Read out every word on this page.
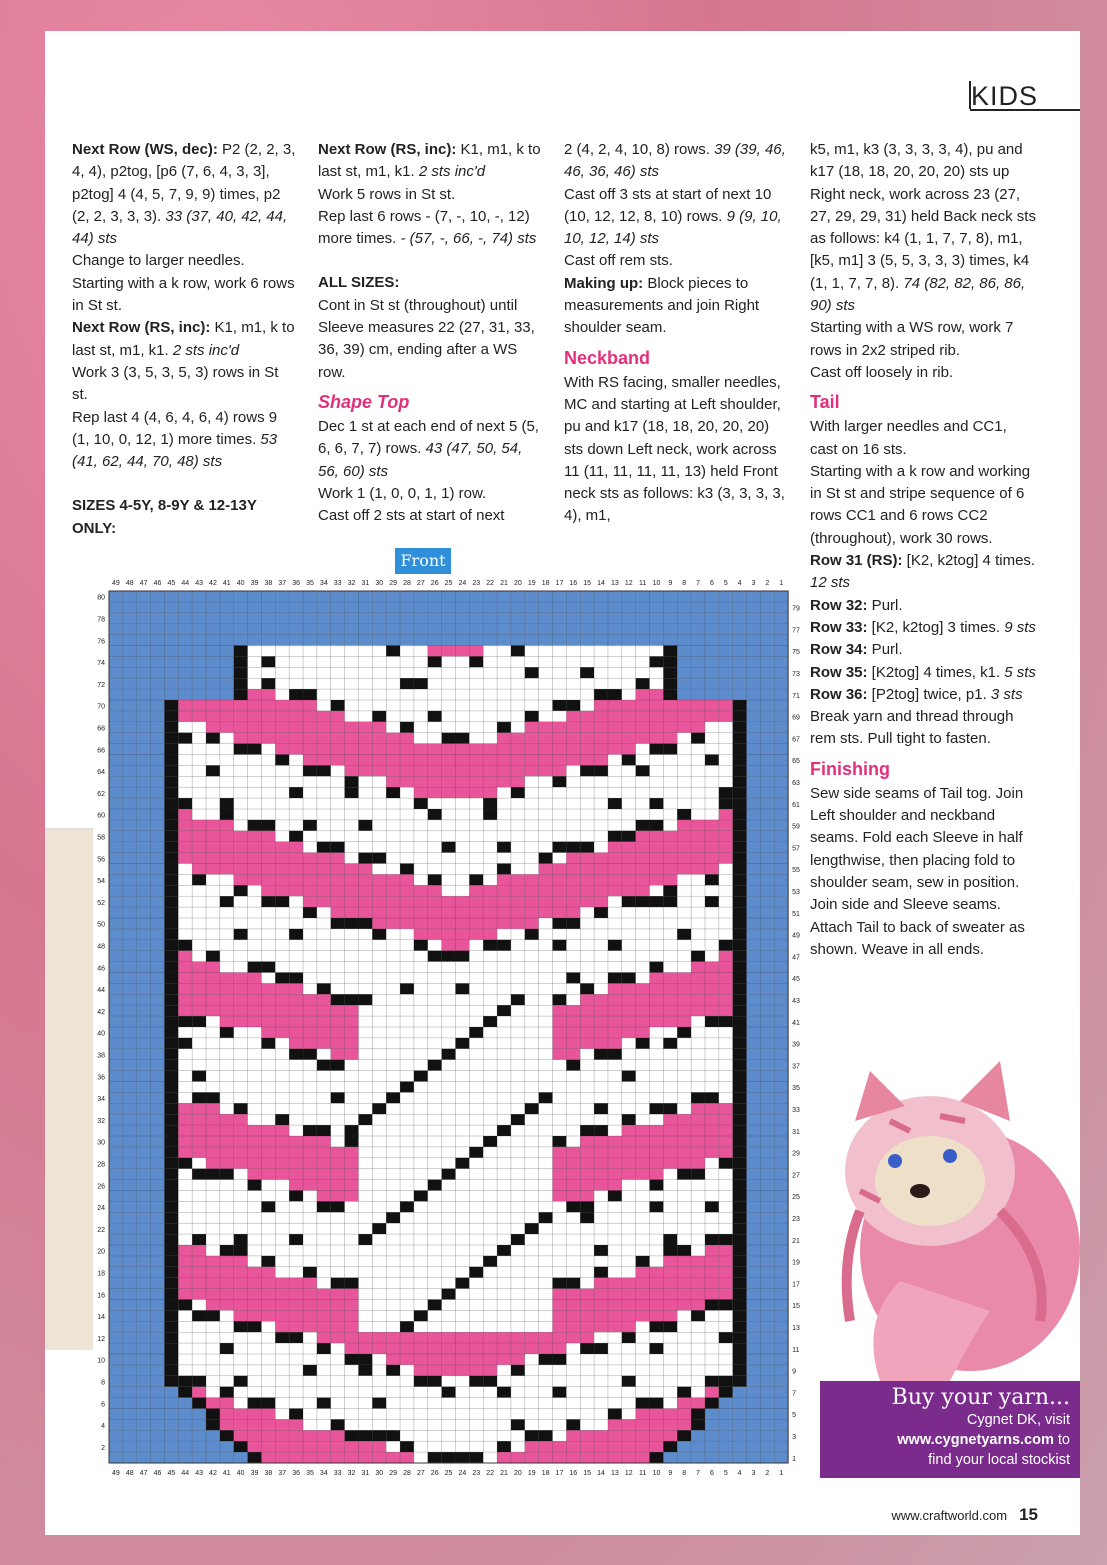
KIDS

Next Row (WS, dec): P2 (2, 2, 3, 4, 4), p2tog, [p6 (7, 6, 4, 3, 3], p2tog] 4 (4, 5, 7, 9, 9) times, p2 (2, 2, 3, 3, 3). 33 (37, 40, 42, 44, 44) sts

Change to larger needles.

Starting with a k row, work 6 rows in St st.

Next Row (RS, inc): K1, m1, k to last st, m1, k1. 2 sts inc'd

Work 3 (3, 5, 3, 5, 3) rows in St st.

Rep last 4 (4, 6, 4, 6, 4) rows 9 (1, 10, 0, 12, 1) more times. 53 (41, 62, 44, 70, 48) sts

SIZES 4-5Y, 8-9Y & 12-13Y ONLY:

Next Row (RS, inc): K1, m1, k to last st, m1, k1. 2 sts inc'd

Work 5 rows in St st.

Rep last 6 rows - (7, -, 10, -, 12) more times. - (57, -, 66, -, 74) sts

ALL SIZES:

Cont in St st (throughout) until Sleeve measures 22 (27, 31, 33, 36, 39) cm, ending after a WS row.

Shape Top

Dec 1 st at each end of next 5 (5, 6, 6, 7, 7) rows. 43 (47, 50, 54, 56, 60) sts

Work 1 (1, 0, 0, 1, 1) row.

Cast off 2 sts at start of next

2 (4, 2, 4, 10, 8) rows. 39 (39, 46, 46, 36, 46) sts

Cast off 3 sts at start of next 10 (10, 12, 12, 8, 10) rows. 9 (9, 10, 10, 12, 14) sts

Cast off rem sts.

Making up: Block pieces to measurements and join Right shoulder seam.

Neckband

With RS facing, smaller needles, MC and starting at Left shoulder, pu and k17 (18, 18, 20, 20, 20) sts down Left neck, work across 11 (11, 11, 11, 11, 13) held Front neck sts as follows: k3 (3, 3, 3, 3, 4), m1,

k5, m1, k3 (3, 3, 3, 3, 4), pu and k17 (18, 18, 20, 20, 20) sts up Right neck, work across 23 (27, 27, 29, 29, 31) held Back neck sts as follows: k4 (1, 1, 7, 7, 8), m1, [k5, m1] 3 (5, 5, 3, 3, 3) times, k4 (1, 1, 7, 7, 8). 74 (82, 82, 86, 86, 90) sts

Starting with a WS row, work 7 rows in 2x2 striped rib.

Cast off loosely in rib.

Tail

With larger needles and CC1, cast on 16 sts.

Starting with a k row and working in St st and stripe sequence of 6 rows CC1 and 6 rows CC2 (throughout), work 30 rows.

Row 31 (RS): [K2, k2tog] 4 times. 12 sts

Row 32: Purl.

Row 33: [K2, k2tog] 3 times. 9 sts

Row 34: Purl.

Row 35: [K2tog] 4 times, k1. 5 sts

Row 36: [P2tog] twice, p1. 3 sts

Break yarn and thread through rem sts. Pull tight to fasten.

Finishing

Sew side seams of Tail tog. Join Left shoulder and neckband seams. Fold each Sleeve in half lengthwise, then placing fold to shoulder seam, sew in position. Join side and Sleeve seams. Attach Tail to back of sweater as shown. Weave in all ends.

49
49
48
48
47
47
46
46
45
45
44
44
43
43
42
42
41
41
40
40
39
39
38
38
37
37
36
36
35
35
34
34
33
33
32
32
31
31
30
30
29
29
28
28
27
27
26
26
25
25
24
24
23
23
22
22
21
21
20
20
19
19
18
18
17
17
16
16
15
15
14
14
13
13
12
12
11
11
10
10
9
9
8
8
7
7
6
6
5
5
4
4
3
3
2
2
1
1
80
78
76
74
72
70
68
66
64
62
60
58
56
54
52
50
48
46
44
42
40
38
36
34
32
30
28
26
24
22
20
18
16
14
12
10
8
6
4
2
79
77
75
73
71
69
67
65
63
61
59
57
55
53
51
49
47
45
43
41
39
37
35
33
31
29
27
25
23
21
19
17
15
13
11
9
7
5
3
1
Front
Buy your yarn...
Cygnet DK, visit
www.cygnetyarns.com to
find your local stockist
www.craftworld.com 15
